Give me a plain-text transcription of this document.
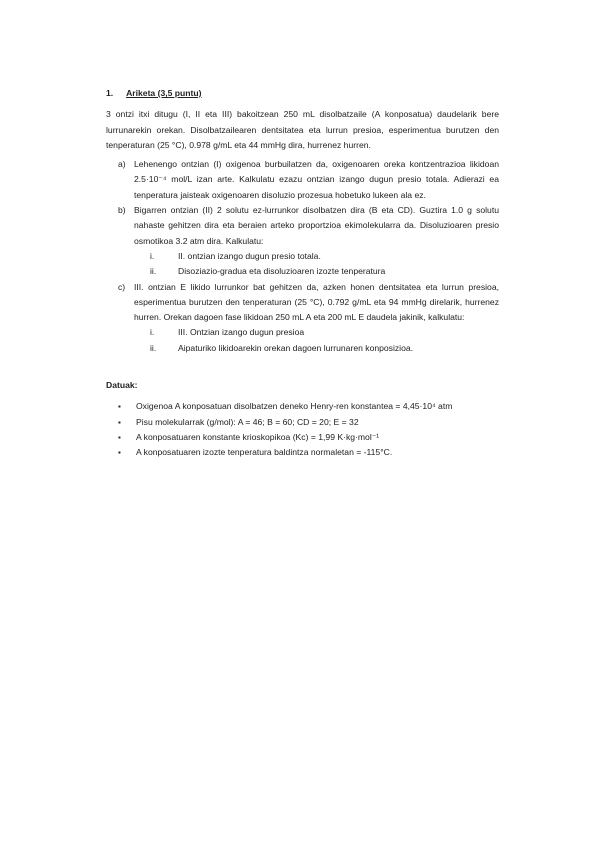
1. Ariketa (3,5 puntu)

3 ontzi itxi ditugu (I, II eta III) bakoitzean 250 mL disolbatzaile (A konposatua) daudelarik bere lurrunarekin orekan. Disolbatzailearen dentsitatea eta lurrun presioa, esperimentua burutzen den tenperaturan (25 °C), 0.978 g/mL eta 44 mmHg dira, hurrenez hurren.

a) Lehenengo ontzian (I) oxigenoa burbuilatzen da, oxigenoaren oreka kontzentrazioa likidoan 2.5·10⁻⁴ mol/L izan arte. Kalkulatu ezazu ontzian izango dugun presio totala. Adierazi ea tenperatura jaisteak oxigenoaren disoluzio prozesua hobetuko lukeen ala ez.
b) Bigarren ontzian (II) 2 solutu ez-lurrunkor disolbatzen dira (B eta CD). Guztira 1.0 g solutu nahaste gehitzen dira eta beraien arteko proportzioa ekimolekularra da. Disoluzioaren presio osmotikoa 3.2 atm dira. Kalkulatu:
i.	II. ontzian izango dugun presio totala.
ii.	Disoziazio-gradua eta disoluzioaren izozte tenperatura
c) III. ontzian E likido lurrunkor bat gehitzen da, azken honen dentsitatea eta lurrun presioa, esperimentua burutzen den tenperaturan (25 °C), 0.792 g/mL eta 94 mmHg direlarik, hurrenez hurren. Orekan dagoen fase likidoan 250 mL A eta 200 mL E daudela jakinik, kalkulatu:
i.	III. Ontzian izango dugun presioa
ii.	Aipaturiko likidoarekin orekan dagoen lurrunaren konposizioa.

Datuak:

▪ Oxigenoa A konposatuan disolbatzen deneko Henry-ren konstantea = 4,45·10⁴ atm
▪ Pisu molekularrak (g/mol): A = 46; B = 60; CD = 20; E = 32
▪ A konposatuaren konstante krioskopikoa (Kc) = 1,99 K·kg·mol⁻¹
▪ A konposatuaren izozte tenperatura baldintza normaletan = -115°C.
